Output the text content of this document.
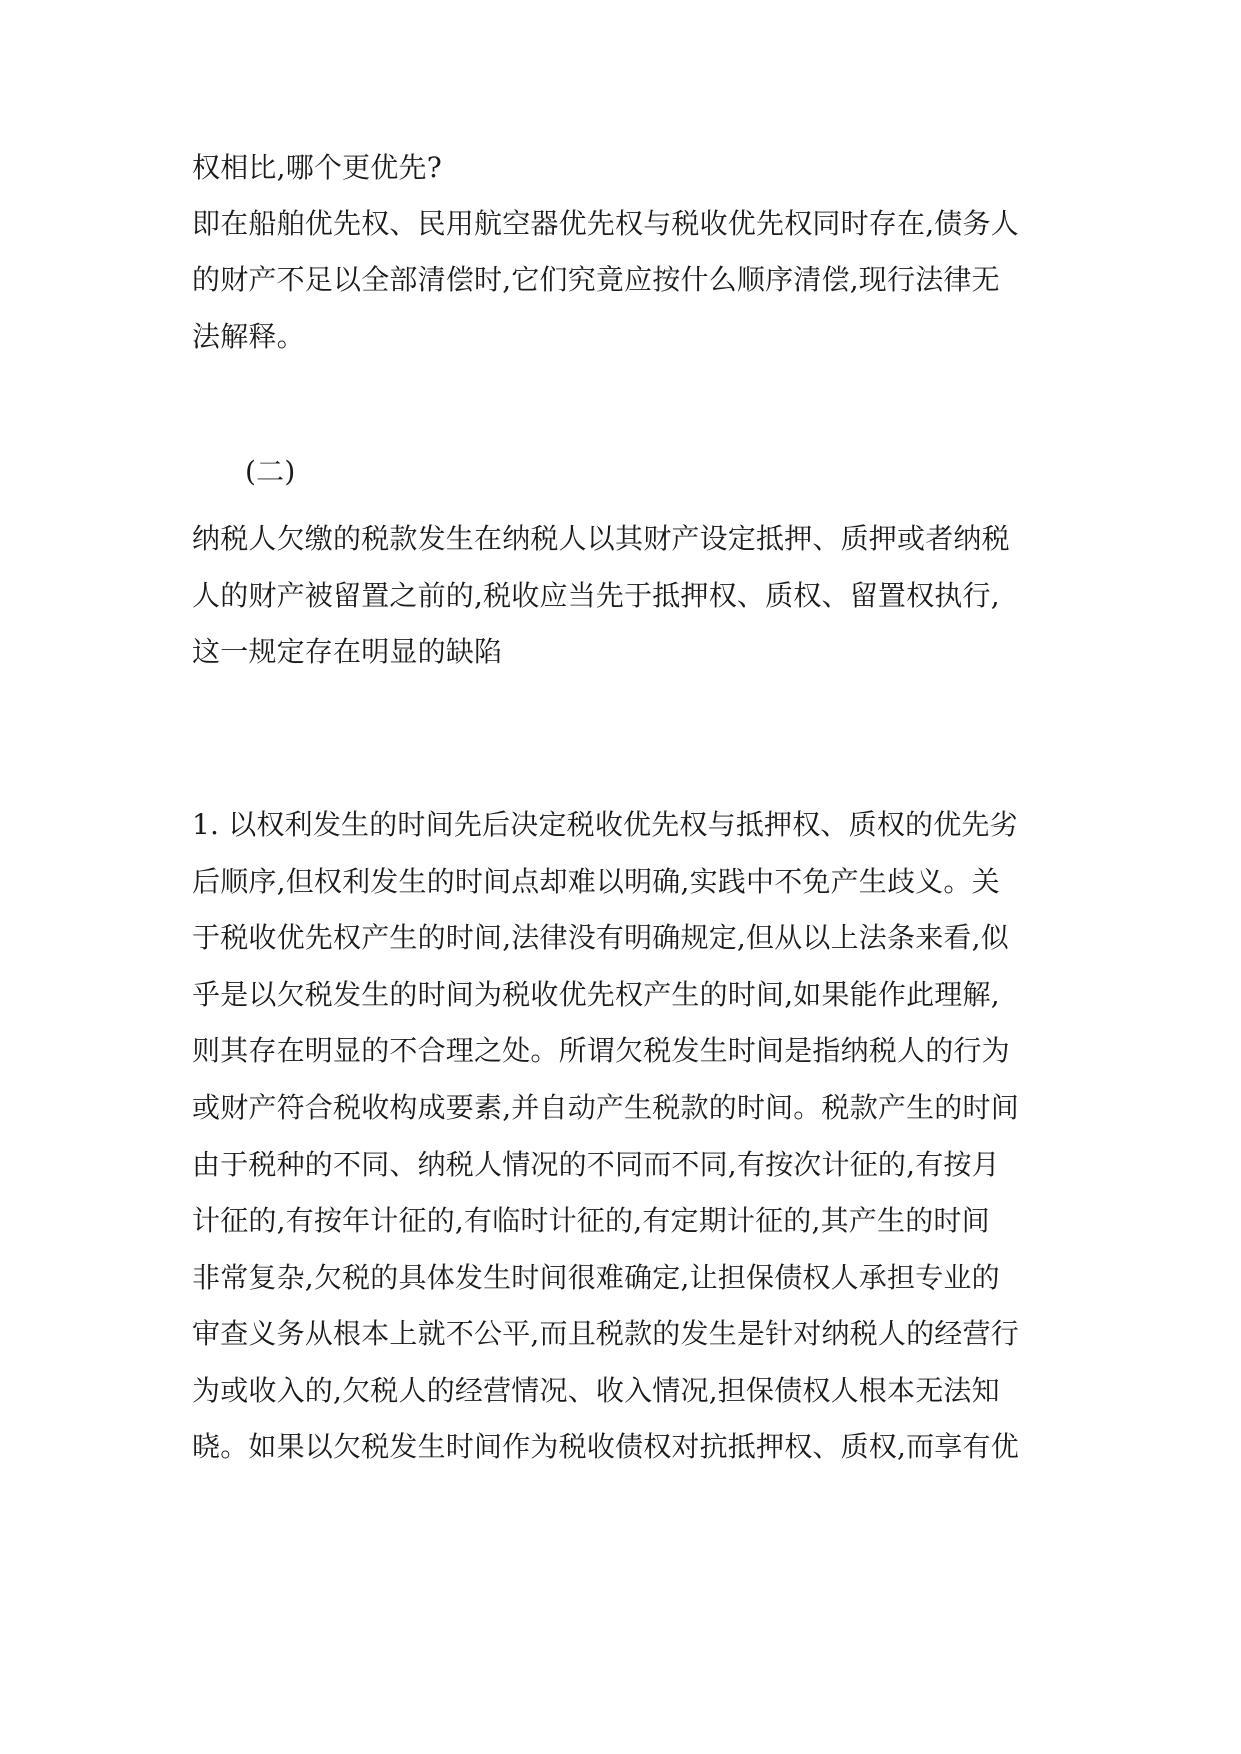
权相比,哪个更优先?
即在船舶优先权、民用航空器优先权与税收优先权同时存在,债务人
的财产不足以全部清偿时,它们究竟应按什么顺序清偿,现行法律无
法解释。
(二)
纳税人欠缴的税款发生在纳税人以其财产设定抵押、质押或者纳税
人的财产被留置之前的,税收应当先于抵押权、质权、留置权执行,
这一规定存在明显的缺陷
1. 以权利发生的时间先后决定税收优先权与抵押权、质权的优先劣
后顺序,但权利发生的时间点却难以明确,实践中不免产生歧义。关
于税收优先权产生的时间,法律没有明确规定,但从以上法条来看,似
乎是以欠税发生的时间为税收优先权产生的时间,如果能作此理解,
则其存在明显的不合理之处。所谓欠税发生时间是指纳税人的行为
或财产符合税收构成要素,并自动产生税款的时间。税款产生的时间
由于税种的不同、纳税人情况的不同而不同,有按次计征的,有按月
计征的,有按年计征的,有临时计征的,有定期计征的,其产生的时间
非常复杂,欠税的具体发生时间很难确定,让担保债权人承担专业的
审查义务从根本上就不公平,而且税款的发生是针对纳税人的经营行
为或收入的,欠税人的经营情况、收入情况,担保债权人根本无法知
晓。如果以欠税发生时间作为税收债权对抗抵押权、质权,而享有优
